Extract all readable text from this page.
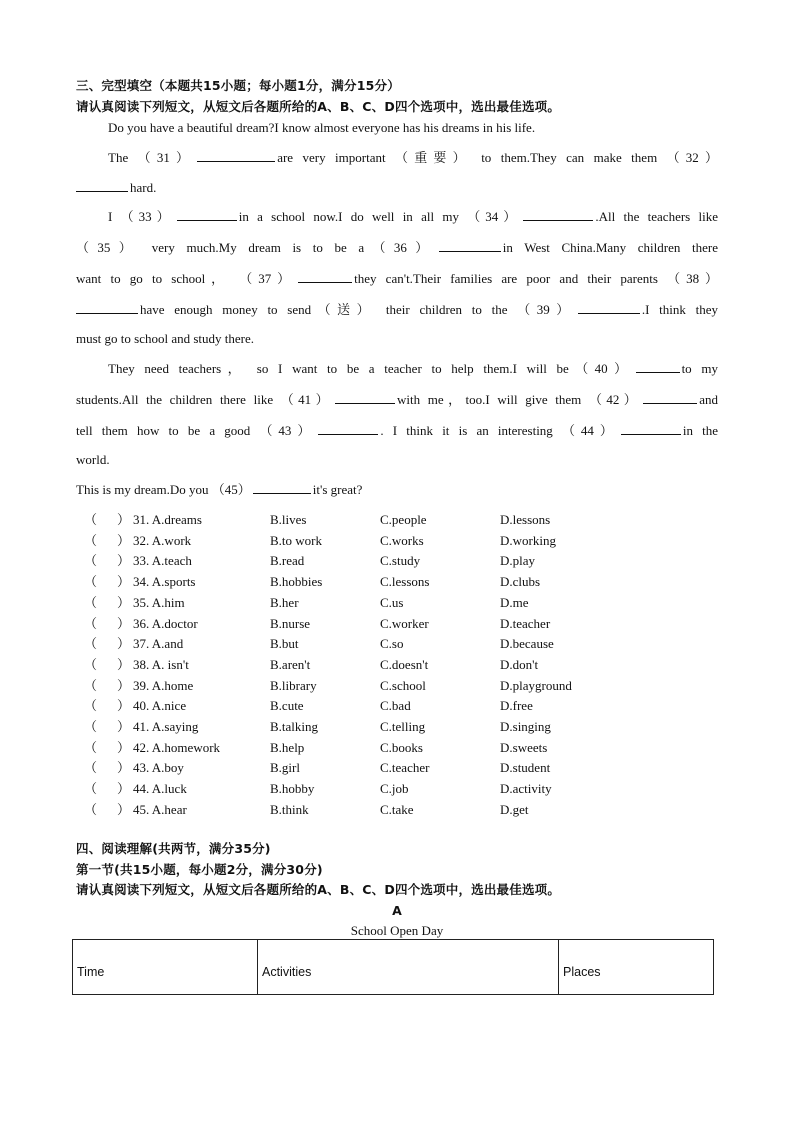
三、完型填空（本题共15小题；每小题1分，满分15分）
请认真阅读下列短文，从短文后各题所给的A、B、C、D四个选项中，选出最佳选项。
Do you have a beautiful dream?I know almost everyone has his dreams in his life.
The （31）	are very important （重要） to them.They can make them （32）
hard.
I （33）	in a school now.I do well in all my （34）	.All the teachers like
（35） very much.My dream is to be a（36）	in West China.Many children there
want to go to school， （37）	they can't.Their families are poor and their parents （38）
have enough money to send（送） their children to the （39）	.I think they
must go to school and study there.
They need teachers， so I want to be a teacher to help them.I will be（40）	to my
students.All the children there like （41）	with me，too.I will give them （42）	and
tell them how to be a good （43）	. I think it is an interesting （44）	in the
world.
This is my dream.Do you （45）	it's great?
（ ） 31. A.dreams	B.lives	C.people	D.lessons
（ ） 32. A.work	B.to work	C.works	D.working
（ ） 33. A.teach	B.read	C.study	D.play
（ ） 34. A.sports	B.hobbies	C.lessons	D.clubs
（ ） 35. A.him	B.her	C.us	D.me
（ ） 36. A.doctor	B.nurse	C.worker	D.teacher
（ ） 37. A.and	B.but	C.so	D.because
（ ） 38. A. isn't	B.aren't	C.doesn't	D.don't
（ ） 39. A.home	B.library	C.school	D.playground
（ ） 40. A.nice	B.cute	C.bad	D.free
（ ） 41. A.saying	B.talking	C.telling	D.singing
（ ） 42. A.homework	B.help	C.books	D.sweets
（ ） 43. A.boy	B.girl	C.teacher	D.student
（ ） 44. A.luck	B.hobby	C.job	D.activity
（ ） 45. A.hear	B.think	C.take	D.get
四、阅读理解(共两节，满分35分)
第一节(共15小题，每小题2分，满分30分)
请认真阅读下列短文，从短文后各题所给的A、B、C、D四个选项中，选出最佳选项。
A
School Open Day
Time	Activities	Places
